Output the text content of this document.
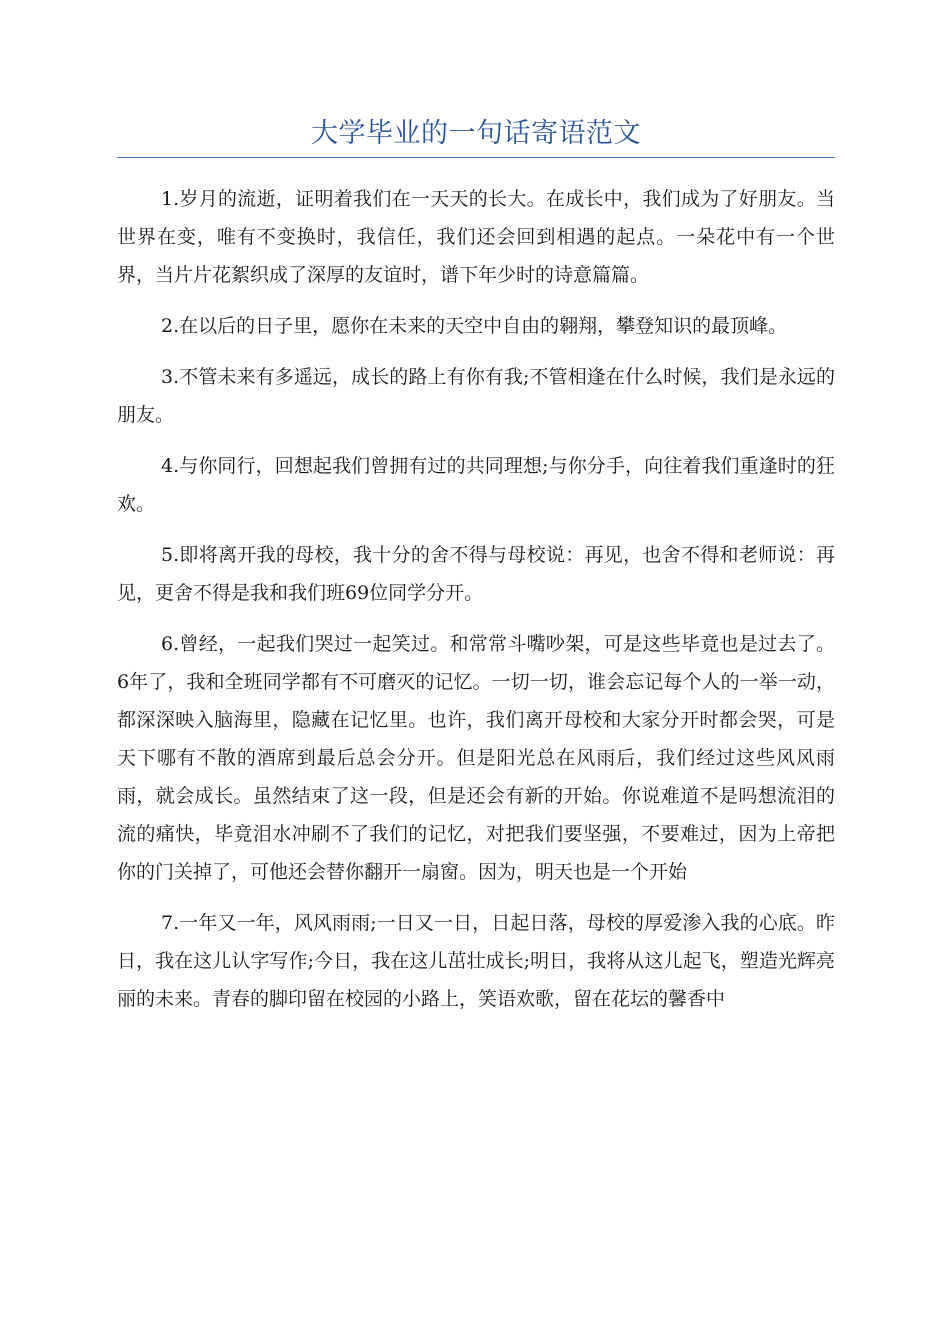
大学毕业的一句话寄语范文

1.岁月的流逝，证明着我们在一天天的长大。在成长中，我们成为了好朋友。当世界在变，唯有不变换时，我信任，我们还会回到相遇的起点。一朵花中有一个世界，当片片花絮织成了深厚的友谊时，谱下年少时的诗意篇篇。

2.在以后的日子里，愿你在未来的天空中自由的翱翔，攀登知识的最顶峰。

3.不管未来有多遥远，成长的路上有你有我;不管相逢在什么时候，我们是永远的朋友。

4.与你同行，回想起我们曾拥有过的共同理想;与你分手，向往着我们重逢时的狂欢。

5.即将离开我的母校，我十分的舍不得与母校说：再见，也舍不得和老师说：再见，更舍不得是我和我们班69位同学分开。

6.曾经，一起我们哭过一起笑过。和常常斗嘴吵架，可是这些毕竟也是过去了。6年了，我和全班同学都有不可磨灭的记忆。一切一切，谁会忘记每个人的一举一动，都深深映入脑海里，隐藏在记忆里。也许，我们离开母校和大家分开时都会哭，可是天下哪有不散的酒席到最后总会分开。但是阳光总在风雨后，我们经过这些风风雨雨，就会成长。虽然结束了这一段，但是还会有新的开始。你说难道不是吗想流泪的流的痛快，毕竟泪水冲刷不了我们的记忆，对把我们要坚强，不要难过，因为上帝把你的门关掉了，可他还会替你翻开一扇窗。因为，明天也是一个开始

7.一年又一年，风风雨雨;一日又一日，日起日落，母校的厚爱渗入我的心底。昨日，我在这儿认字写作;今日，我在这儿茁壮成长;明日，我将从这儿起飞，塑造光辉亮丽的未来。青春的脚印留在校园的小路上，笑语欢歌，留在花坛的馨香中
